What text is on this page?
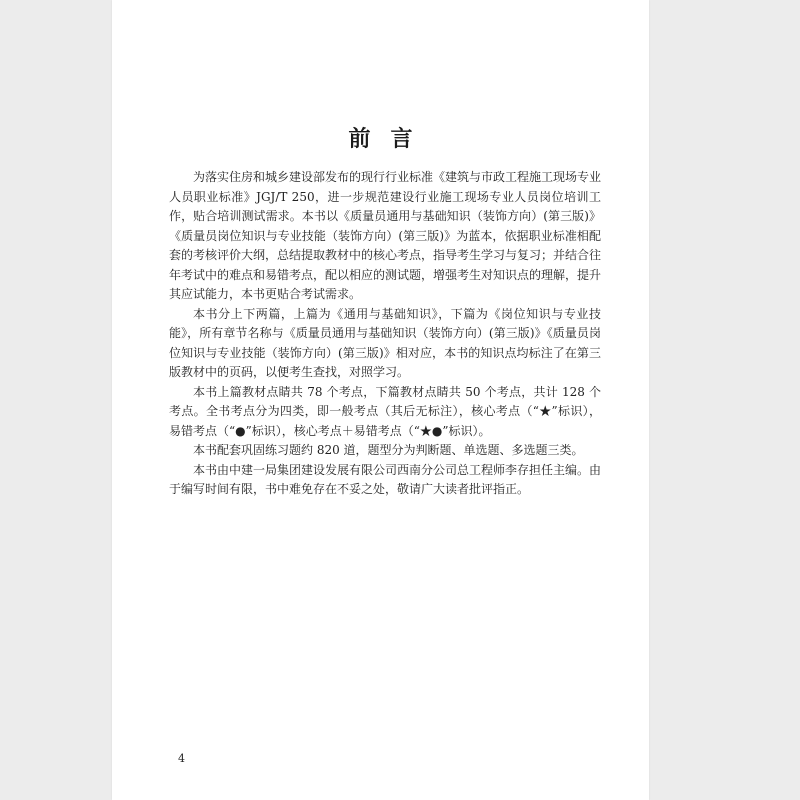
前言

为落实住房和城乡建设部发布的现行行业标准《建筑与市政工程施工现场专业人员职业标准》JGJ/T 250，进一步规范建设行业施工现场专业人员岗位培训工作，贴合培训测试需求。本书以《质量员通用与基础知识（装饰方向）(第三版)》《质量员岗位知识与专业技能（装饰方向）(第三版)》为蓝本，依据职业标准相配套的考核评价大纲，总结提取教材中的核心考点，指导考生学习与复习；并结合往年考试中的难点和易错考点，配以相应的测试题，增强考生对知识点的理解，提升其应试能力，本书更贴合考试需求。

本书分上下两篇，上篇为《通用与基础知识》，下篇为《岗位知识与专业技能》，所有章节名称与《质量员通用与基础知识（装饰方向）(第三版)》《质量员岗位知识与专业技能（装饰方向）(第三版)》相对应，本书的知识点均标注了在第三版教材中的页码，以便考生查找，对照学习。

本书上篇教材点睛共 78 个考点，下篇教材点睛共 50 个考点，共计 128 个考点。全书考点分为四类，即一般考点（其后无标注），核心考点（“★”标识），易错考点（“●”标识），核心考点＋易错考点（“★●”标识）。

本书配套巩固练习题约 820 道，题型分为判断题、单选题、多选题三类。

本书由中建一局集团建设发展有限公司西南分公司总工程师李存担任主编。由于编写时间有限，书中难免存在不妥之处，敬请广大读者批评指正。

4
